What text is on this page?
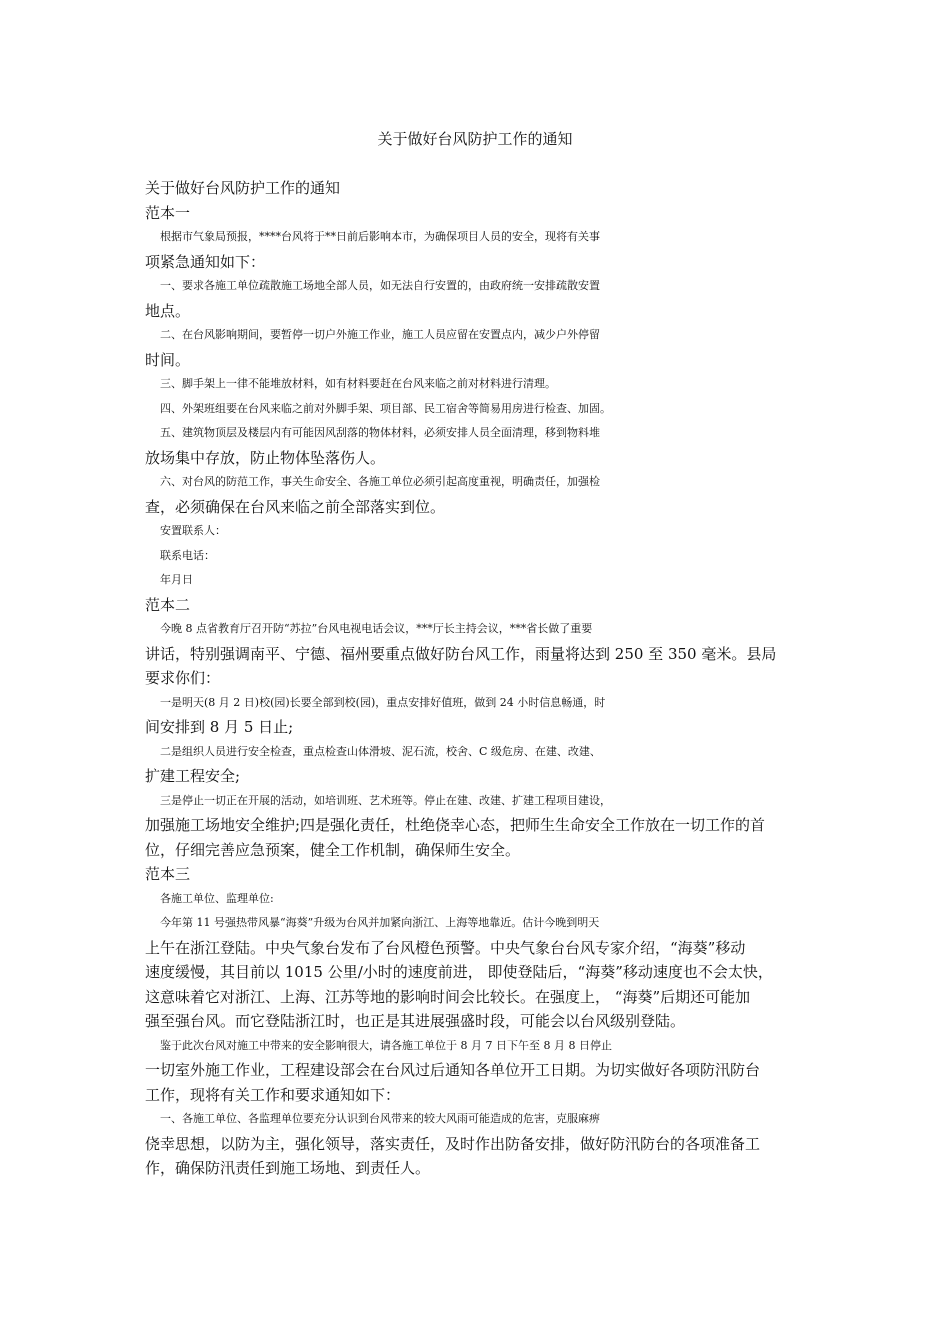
关于做好台风防护工作的通知
关于做好台风防护工作的通知
范本一
根据市气象局预报，****台风将于**日前后影响本市，为确保项目人员的安全，现将有关事
项紧急通知如下：
一、要求各施工单位疏散施工场地全部人员，如无法自行安置的，由政府统一安排疏散安置
地点。
二、在台风影响期间，要暂停一切户外施工作业，施工人员应留在安置点内，减少户外停留
时间。
三、脚手架上一律不能堆放材料，如有材料要赶在台风来临之前对材料进行清理。
四、外架班组要在台风来临之前对外脚手架、项目部、民工宿舍等简易用房进行检查、加固。
五、建筑物顶层及楼层内有可能因风刮落的物体材料，必须安排人员全面清理，移到物料堆
放场集中存放，防止物体坠落伤人。
六、对台风的防范工作，事关生命安全、各施工单位必须引起高度重视，明确责任，加强检
查，必须确保在台风来临之前全部落实到位。
安置联系人：
联系电话：
年月日
范本二
今晚 8 点省教育厅召开防“苏拉”台风电视电话会议，***厅长主持会议，***省长做了重要
讲话，特别强调南平、宁德、福州要重点做好防台风工作，雨量将达到 250 至 350 毫米。县局
要求你们：
一是明天(8 月 2 日)校(园)长要全部到校(园)，重点安排好值班，做到 24 小时信息畅通，时
间安排到 8 月 5 日止;
二是组织人员进行安全检查，重点检查山体滑坡、泥石流，校舍、C 级危房、在建、改建、
扩建工程安全;
三是停止一切正在开展的活动，如培训班、艺术班等。停止在建、改建、扩建工程项目建设，
加强施工场地安全维护;四是强化责任，杜绝侥幸心态，把师生生命安全工作放在一切工作的首
位，仔细完善应急预案，健全工作机制，确保师生安全。
范本三
各施工单位、监理单位:
今年第 11 号强热带风暴“海葵”升级为台风并加紧向浙江、上海等地靠近。估计今晚到明天
上午在浙江登陆。中央气象台发布了台风橙色预警。中央气象台台风专家介绍，“海葵”移动
速度缓慢，其目前以 1015 公里/小时的速度前进， 即使登陆后，“海葵”移动速度也不会太快，
这意味着它对浙江、上海、江苏等地的影响时间会比较长。在强度上， “海葵”后期还可能加
强至强台风。而它登陆浙江时，也正是其进展强盛时段，可能会以台风级别登陆。
鉴于此次台风对施工中带来的安全影响很大，请各施工单位于 8 月 7 日下午至 8 月 8 日停止
一切室外施工作业，工程建设部会在台风过后通知各单位开工日期。为切实做好各项防汛防台
工作，现将有关工作和要求通知如下：
一、各施工单位、各监理单位要充分认识到台风带来的较大风雨可能造成的危害，克服麻痹
侥幸思想，以防为主，强化领导，落实责任，及时作出防备安排，做好防汛防台的各项准备工
作，确保防汛责任到施工场地、到责任人。
